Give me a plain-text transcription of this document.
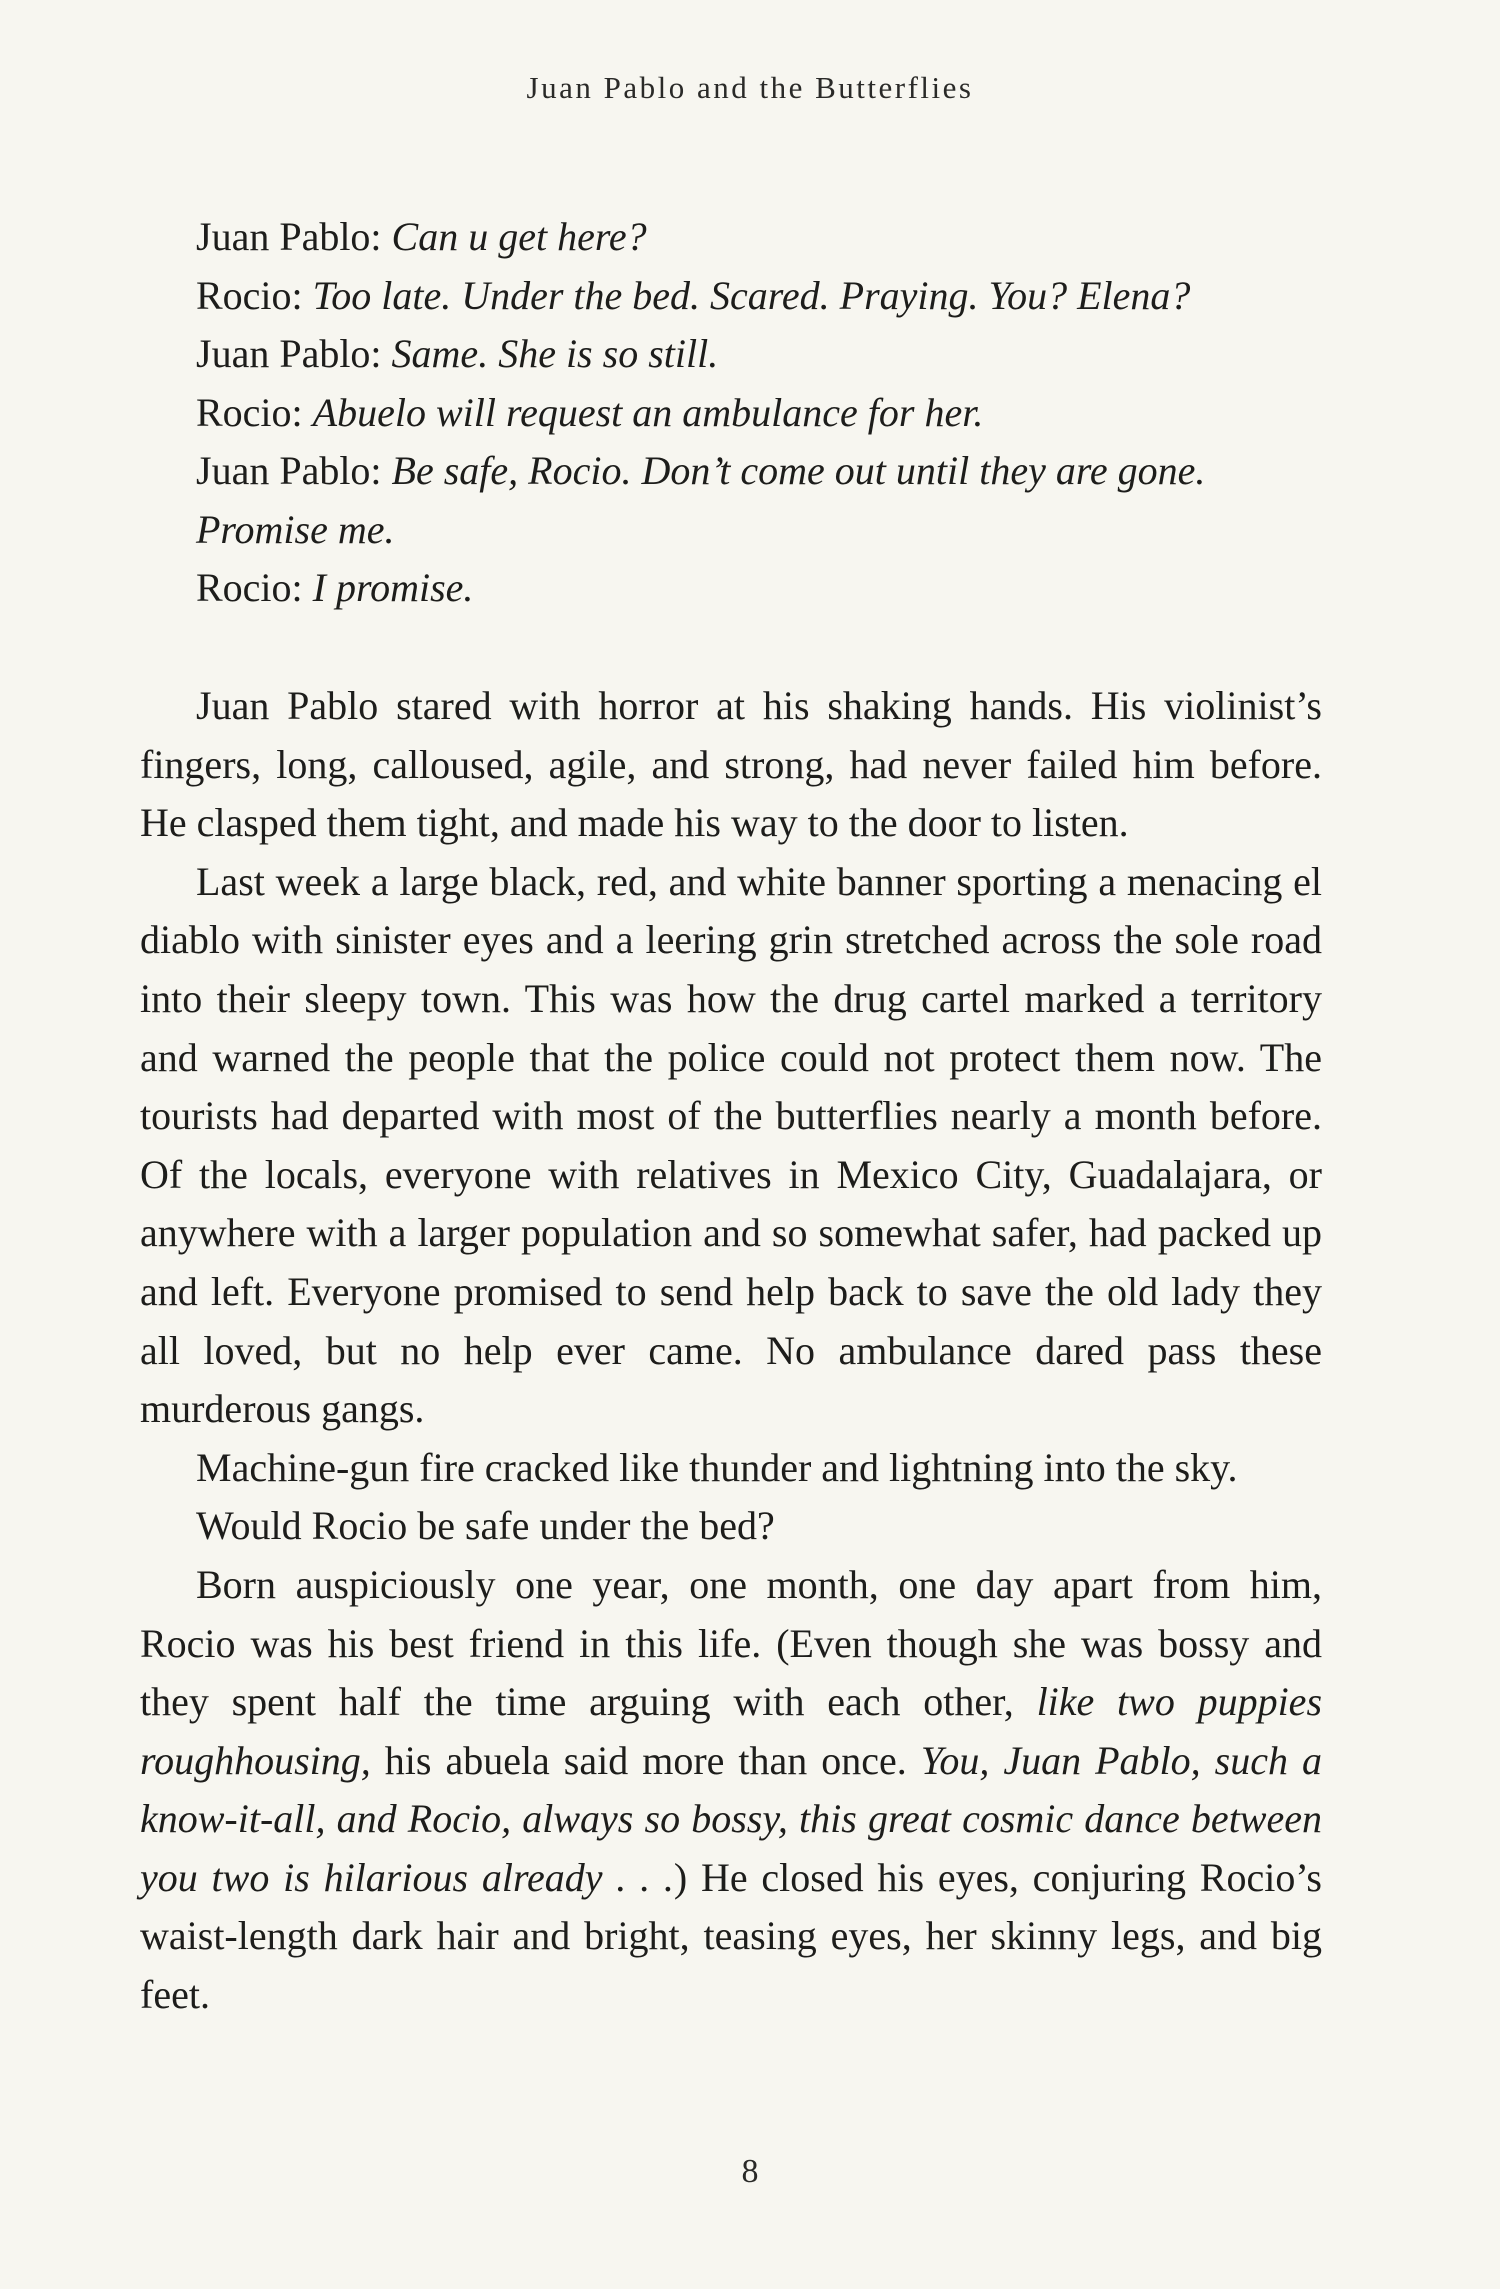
Juan Pablo and the Butterflies
Juan Pablo: Can u get here?
Rocio: Too late. Under the bed. Scared. Praying. You? Elena?
Juan Pablo: Same. She is so still.
Rocio: Abuelo will request an ambulance for her.
Juan Pablo: Be safe, Rocio. Don’t come out until they are gone.
Promise me.
Rocio: I promise.

Juan Pablo stared with horror at his shaking hands. His violinist’s fingers, long, calloused, agile, and strong, had never failed him before. He clasped them tight, and made his way to the door to listen.

Last week a large black, red, and white banner sporting a menacing el diablo with sinister eyes and a leering grin stretched across the sole road into their sleepy town. This was how the drug cartel marked a territory and warned the people that the police could not protect them now. The tourists had departed with most of the butterflies nearly a month before. Of the locals, everyone with relatives in Mexico City, Guadalajara, or anywhere with a larger population and so somewhat safer, had packed up and left. Everyone promised to send help back to save the old lady they all loved, but no help ever came. No ambulance dared pass these murderous gangs.

Machine-gun fire cracked like thunder and lightning into the sky.

Would Rocio be safe under the bed?

Born auspiciously one year, one month, one day apart from him, Rocio was his best friend in this life. (Even though she was bossy and they spent half the time arguing with each other, like two puppies roughhousing, his abuela said more than once. You, Juan Pablo, such a know-it-all, and Rocio, always so bossy, this great cosmic dance between you two is hilarious already . . .) He closed his eyes, conjuring Rocio’s waist-length dark hair and bright, teasing eyes, her skinny legs, and big feet.

8
